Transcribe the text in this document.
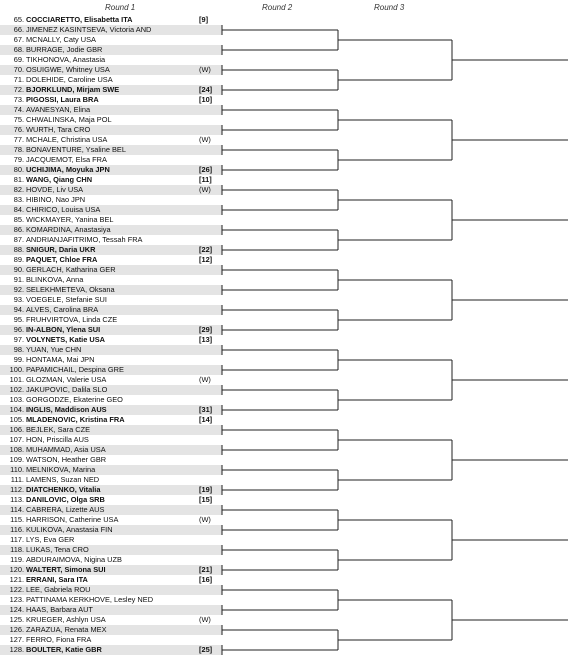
Round 1	Round 2	Round 3
65. COCCIARETTO, Elisabetta ITA	[9]
66. JIMENEZ KASINTSEVA, Victoria AND
67. MCNALLY, Caty USA
68. BURRAGE, Jodie GBR
69. TIKHONOVA, Anastasia
70. OSUIGWE, Whitney USA	(W)
71. DOLEHIDE, Caroline USA
72. BJORKLUND, Mirjam SWE	[24]
73. PIGOSSI, Laura BRA	[10]
74. AVANESYAN, Elina
75. CHWALINSKA, Maja POL
76. WURTH, Tara CRO
77. MCHALE, Christina USA	(W)
78. BONAVENTURE, Ysaline BEL
79. JACQUEMOT, Elsa FRA
80. UCHIJIMA, Moyuka JPN	[26]
81. WANG, Qiang CHN	[11]
82. HOVDE, Liv USA	(W)
83. HIBINO, Nao JPN
84. CHIRICO, Louisa USA
85. WICKMAYER, Yanina BEL
86. KOMARDINA, Anastasiya
87. ANDRIANJAFITRIMO, Tessah FRA
88. SNIGUR, Daria UKR	[22]
89. PAQUET, Chloe FRA	[12]
90. GERLACH, Katharina GER
91. BLINKOVA, Anna
92. SELEKHMETEVA, Oksana
93. VOEGELE, Stefanie SUI
94. ALVES, Carolina BRA
95. FRUHVIRTOVA, Linda CZE
96. IN-ALBON, Ylena SUI	[29]
97. VOLYNETS, Katie USA	[13]
98. YUAN, Yue CHN
99. HONTAMA, Mai JPN
100. PAPAMICHAIL, Despina GRE
101. GLOZMAN, Valerie USA	(W)
102. JAKUPOVIC, Dalila SLO
103. GORGODZE, Ekaterine GEO
104. INGLIS, Maddison AUS	[31]
105. MLADENOVIC, Kristina FRA	[14]
106. BEJLEK, Sara CZE
107. HON, Priscilla AUS
108. MUHAMMAD, Asia USA
109. WATSON, Heather GBR
110. MELNIKOVA, Marina
111. LAMENS, Suzan NED
112. DIATCHENKO, Vitalia	[19]
113. DANILOVIC, Olga SRB	[15]
114. CABRERA, Lizette AUS
115. HARRISON, Catherine USA	(W)
116. KULIKOVA, Anastasia FIN
117. LYS, Eva GER
118. LUKAS, Tena CRO
119. ABDURAIMOVA, Nigina UZB
120. WALTERT, Simona SUI	[21]
121. ERRANI, Sara ITA	[16]
122. LEE, Gabriela ROU
123. PATTINAMA KERKHOVE, Lesley NED
124. HAAS, Barbara AUT
125. KRUEGER, Ashlyn USA	(W)
126. ZARAZUA, Renata MEX
127. FERRO, Fiona FRA
128. BOULTER, Katie GBR	[25]
